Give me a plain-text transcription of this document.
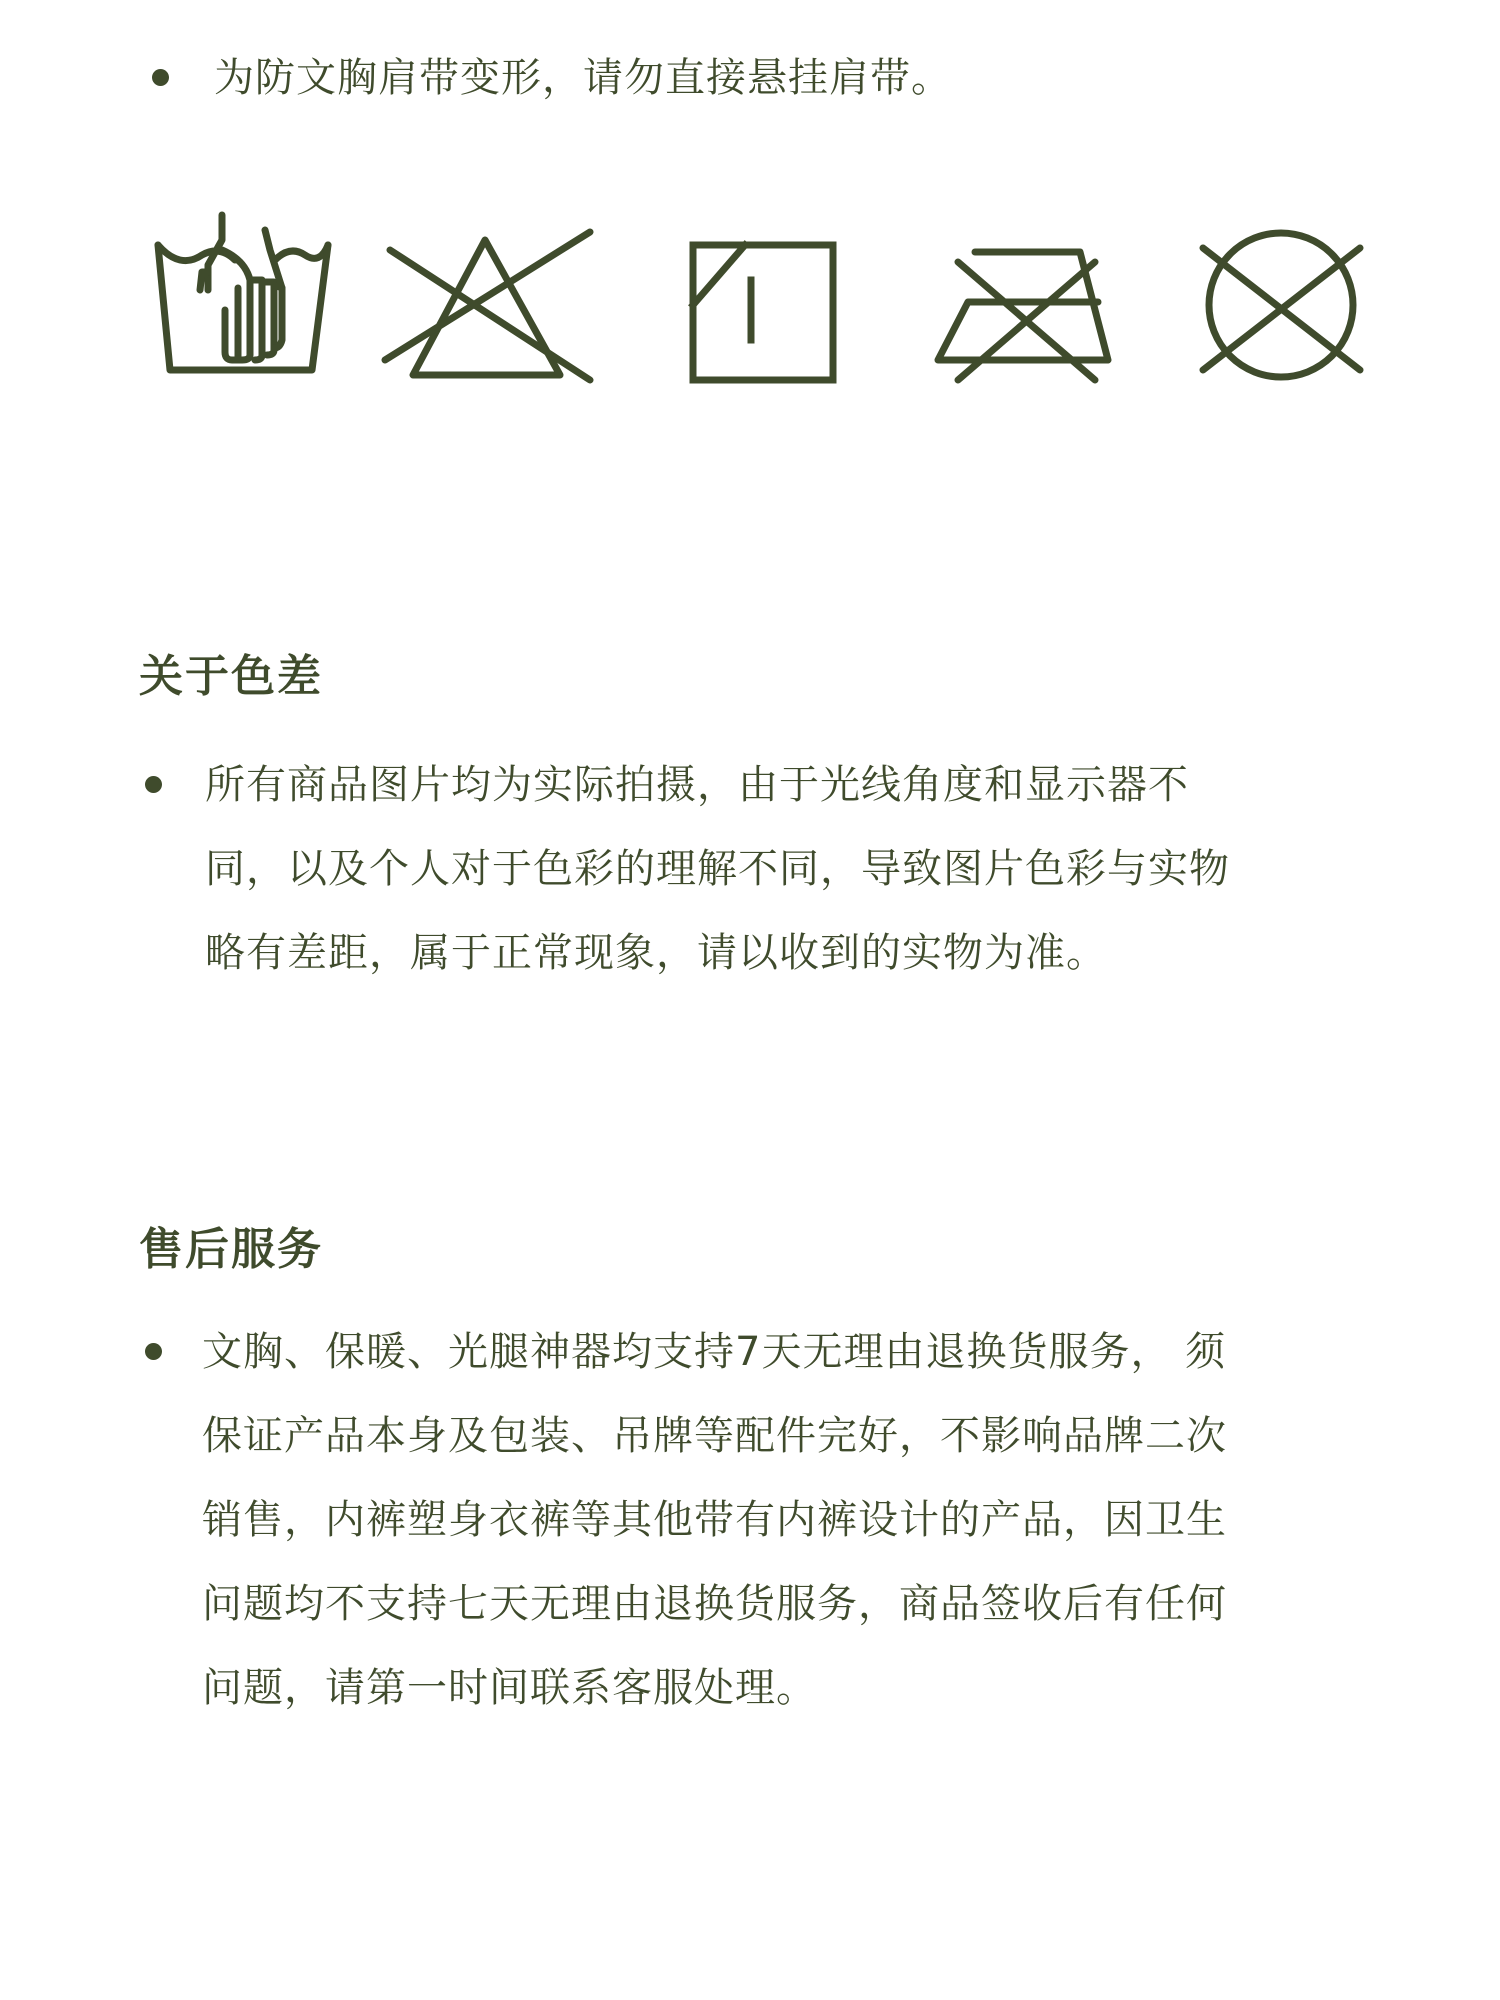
为防文胸肩带变形，请勿直接悬挂肩带。
关于色差
所有商品图片均为实际拍摄，由于光线角度和显示器不
同，以及个人对于色彩的理解不同，导致图片色彩与实物
略有差距，属于正常现象，请以收到的实物为准。
售后服务
文胸、保暖、光腿神器均支持7天无理由退换货服务， 须
保证产品本身及包装、吊牌等配件完好，不影响品牌二次
销售，内裤塑身衣裤等其他带有内裤设计的产品，因卫生
问题均不支持七天无理由退换货服务，商品签收后有任何
问题，请第一时间联系客服处理。
